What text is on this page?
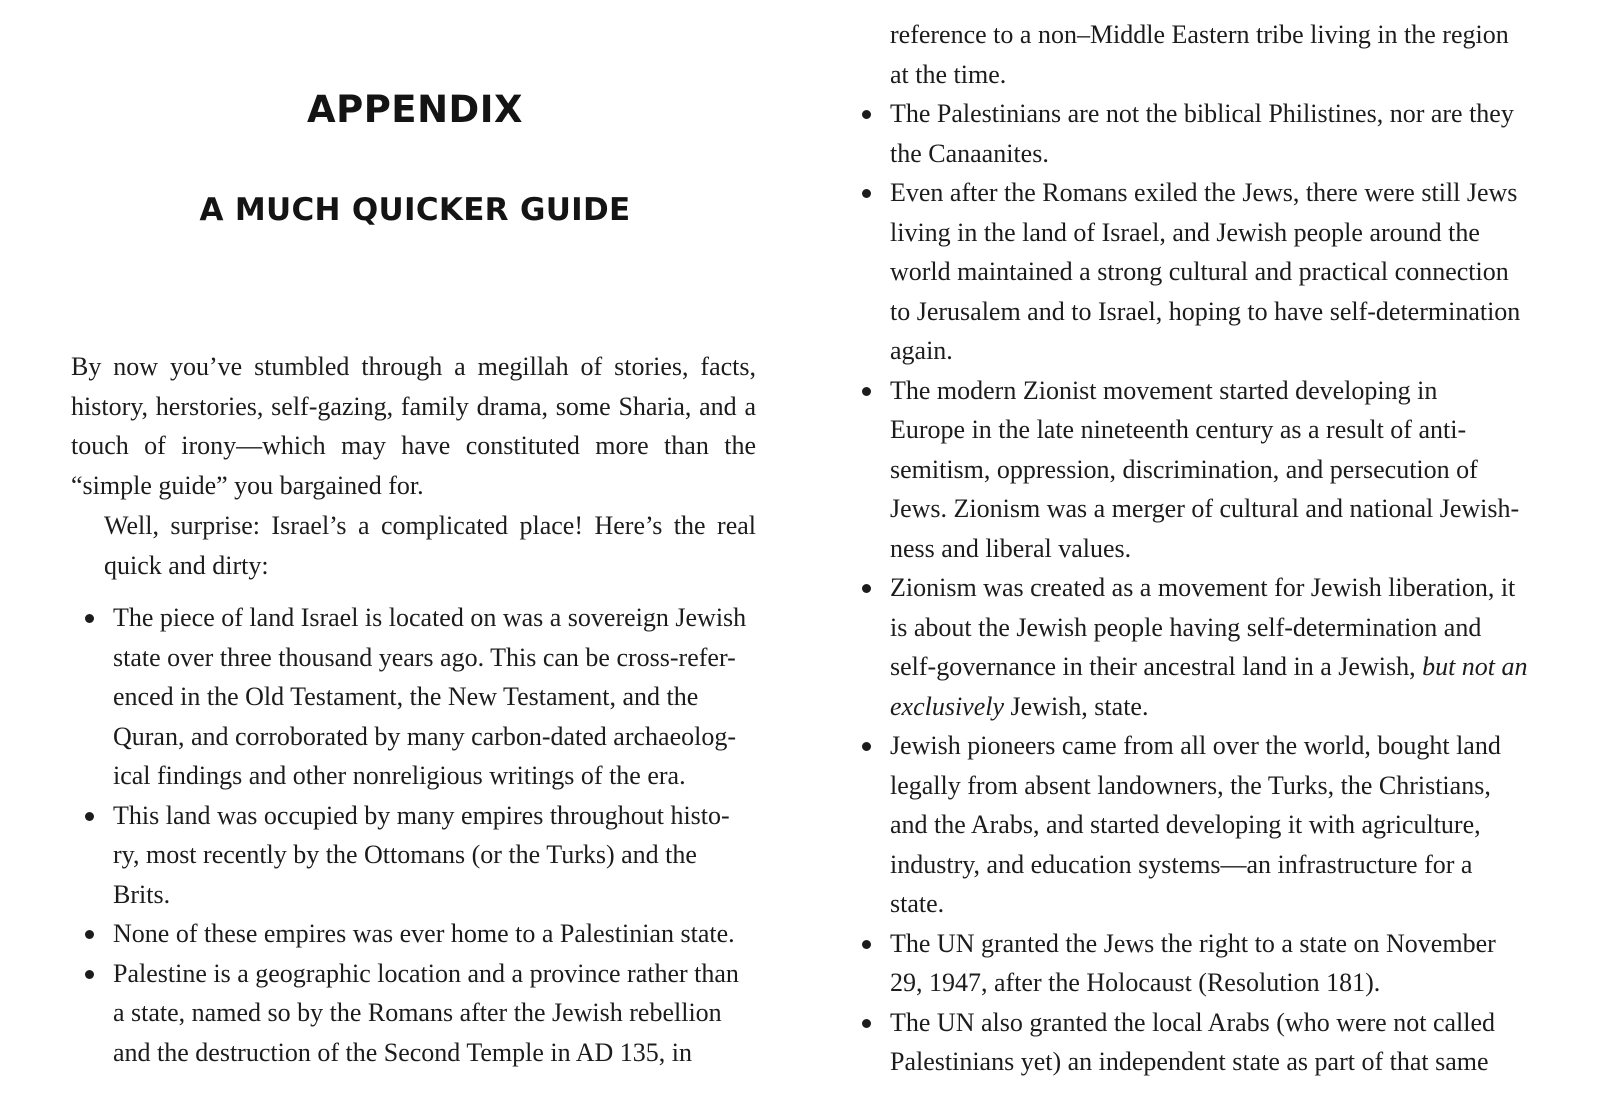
APPENDIX
A MUCH QUICKER GUIDE

By now you’ve stumbled through a megillah of stories, facts,
history, herstories, self-gazing, family drama, some Sharia, and a
touch of irony—which may have constituted more than the
“simple guide” you bargained for.

Well, surprise: Israel’s a complicated place! Here’s the real
quick and dirty:

The piece of land Israel is located on was a sovereign Jewish
state over three thousand years ago. This can be cross-refer-
enced in the Old Testament, the New Testament, and the
Quran, and corroborated by many carbon-dated archaeolog-
ical findings and other nonreligious writings of the era.
This land was occupied by many empires throughout histo-
ry, most recently by the Ottomans (or the Turks) and the
Brits.
None of these empires was ever home to a Palestinian state.
Palestine is a geographic location and a province rather than
a state, named so by the Romans after the Jewish rebellion
and the destruction of the Second Temple in AD 135, in
reference to a non–Middle Eastern tribe living in the region
at the time.
The Palestinians are not the biblical Philistines, nor are they
the Canaanites.
Even after the Romans exiled the Jews, there were still Jews
living in the land of Israel, and Jewish people around the
world maintained a strong cultural and practical connection
to Jerusalem and to Israel, hoping to have self-determination
again.
The modern Zionist movement started developing in
Europe in the late nineteenth century as a result of anti-
semitism, oppression, discrimination, and persecution of
Jews. Zionism was a merger of cultural and national Jewish-
ness and liberal values.
Zionism was created as a movement for Jewish liberation, it
is about the Jewish people having self-determination and
self-governance in their ancestral land in a Jewish, but not an
exclusively Jewish, state.
Jewish pioneers came from all over the world, bought land
legally from absent landowners, the Turks, the Christians,
and the Arabs, and started developing it with agriculture,
industry, and education systems—an infrastructure for a
state.
The UN granted the Jews the right to a state on November
29, 1947, after the Holocaust (Resolution 181).
The UN also granted the local Arabs (who were not called
Palestinians yet) an independent state as part of that same
